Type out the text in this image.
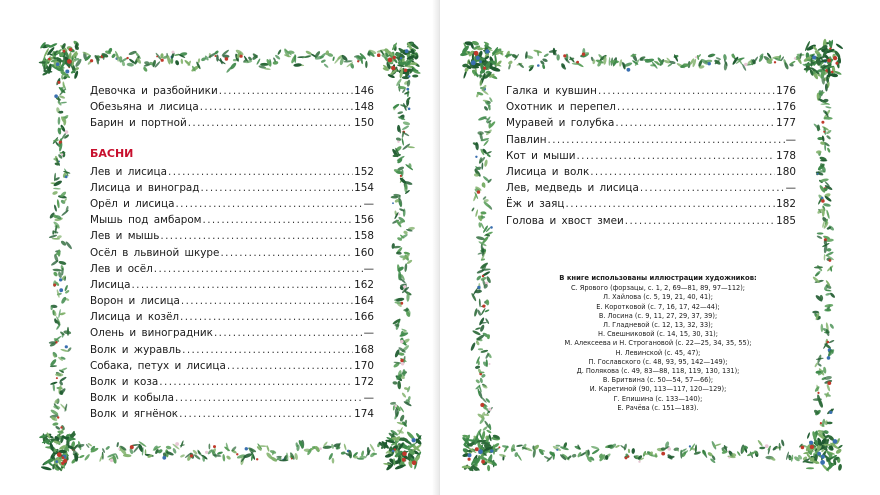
Девочка и разбойники .....	146
Обезьяна и лисица .....	148
Барин и портной .....	150
БАСНИ
Лев и лисица .....	152
Лисица и виноград .....	154
Орёл и лисица .....	—
Мышь под амбаром .....	156
Лев и мышь .....	158
Осёл в львиной шкуре .....	160
Лев и осёл .....	—
Лисица .....	162
Ворон и лисица .....	164
Лисица и козёл .....	166
Олень и виноградник .....	—
Волк и журавль .....	168
Собака, петух и лисица .....	170
Волк и коза .....	172
Волк и кобыла .....	—
Волк и ягнёнок .....	174
Галка и кувшин .....	176
Охотник и перепел .....	176
Муравей и голубка .....	177
Павлин .....	—
Кот и мыши .....	178
Лисица и волк .....	180
Лев, медведь и лисица .....	—
Ёж и заяц .....	182
Голова и хвост змеи .....	185
В книге использованы иллюстрации художников:
С. Ярового (форзацы, с. 1, 2, 69—81, 89, 97—112);
Л. Хайлова (с. 5, 19, 21, 40, 41);
Е. Коротковой (с. 7, 16, 17, 42—44);
В. Лосина (с. 9, 11, 27, 29, 37, 39);
Л. Гладневой (с. 12, 13, 32, 33);
Н. Свешниковой (с. 14, 15, 30, 31);
М. Алексеева и Н. Строгановой (с. 22—25, 34, 35, 55);
Н. Левинской (с. 45, 47);
П. Гославского (с. 48, 93, 95, 142—149);
Д. Полякова (с. 49, 83—88, 118, 119, 130, 131);
В. Бритвина (с. 50—54, 57—66);
И. Каретиной (90, 113—117, 120—129);
Г. Епишина (с. 133—140);
Е. Рачёва (с. 151—183).
